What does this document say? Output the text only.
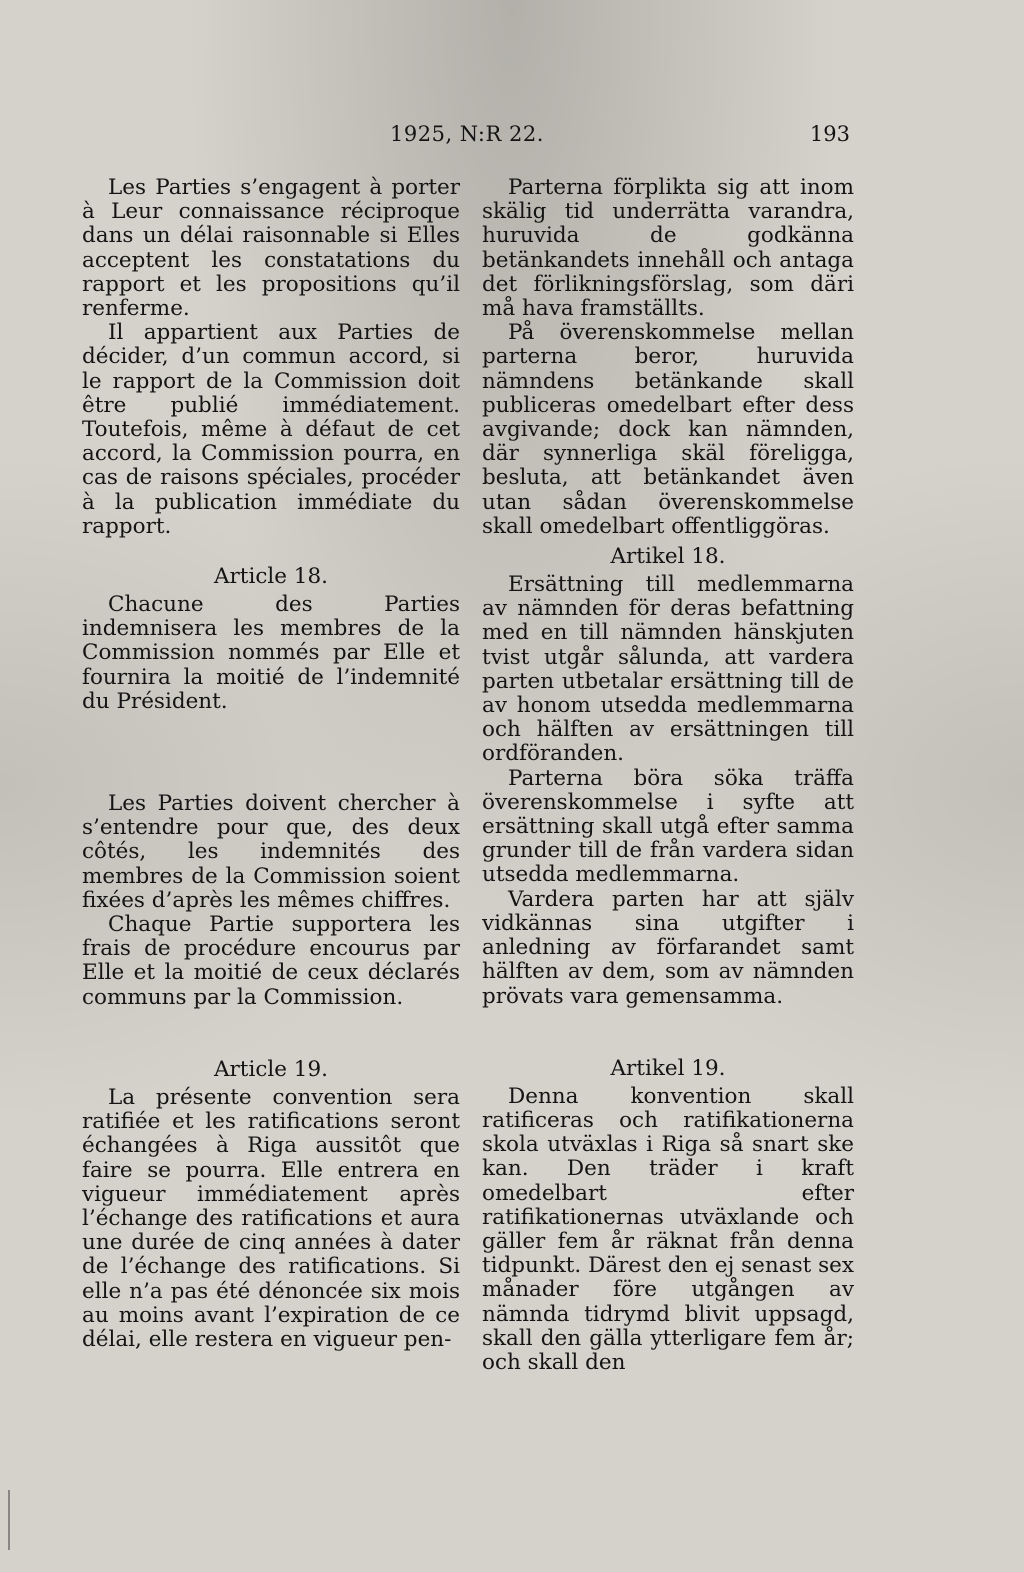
1925, N:R 22.	193

Les Parties s’engagent à porter à Leur connaissance réciproque dans un délai raisonnable si Elles acceptent les constatations du rapport et les propositions qu’il renferme.

Il appartient aux Parties de décider, d’un commun accord, si le rapport de la Commission doit être publié immédiatement. Toutefois, même à défaut de cet accord, la Commission pourra, en cas de raisons spéciales, procéder à la publication immédiate du rapport.

Article 18.

Chacune des Parties indemnisera les membres de la Commission nommés par Elle et fournira la moitié de l’indemnité du Président.

Les Parties doivent chercher à s’entendre pour que, des deux côtés, les indemnités des membres de la Commission soient fixées d’après les mêmes chiffres.

Chaque Partie supportera les frais de procédure encourus par Elle et la moitié de ceux déclarés communs par la Commission.

Article 19.

La présente convention sera ratifiée et les ratifications seront échangées à Riga aussitôt que faire se pourra. Elle entrera en vigueur immédiatement après l’échange des ratifications et aura une durée de cinq années à dater de l’échange des ratifications. Si elle n’a pas été dénoncée six mois au moins avant l’expiration de ce délai, elle restera en vigueur pen-

Parterna förplikta sig att inom skälig tid underrätta varandra, huruvida de godkänna betänkandets innehåll och antaga det förlikningsförslag, som däri må hava framställts.

På överenskommelse mellan parterna beror, huruvida nämndens betänkande skall publiceras omedelbart efter dess avgivande; dock kan nämnden, där synnerliga skäl föreligga, besluta, att betänkandet även utan sådan överenskommelse skall omedelbart offentliggöras.

Artikel 18.

Ersättning till medlemmarna av nämnden för deras befattning med en till nämnden hänskjuten tvist utgår sålunda, att vardera parten utbetalar ersättning till de av honom utsedda medlemmarna och hälften av ersättningen till ordföranden.

Parterna böra söka träffa överenskommelse i syfte att ersättning skall utgå efter samma grunder till de från vardera sidan utsedda medlemmarna.

Vardera parten har att själv vidkännas sina utgifter i anledning av förfarandet samt hälften av dem, som av nämnden prövats vara gemensamma.

Artikel 19.

Denna konvention skall ratificeras och ratifikationerna skola utväxlas i Riga så snart ske kan. Den träder i kraft omedelbart efter ratifikationernas utväxlande och gäller fem år räknat från denna tidpunkt. Därest den ej senast sex månader före utgången av nämnda tidrymd blivit uppsagd, skall den gälla ytterligare fem år; och skall den
